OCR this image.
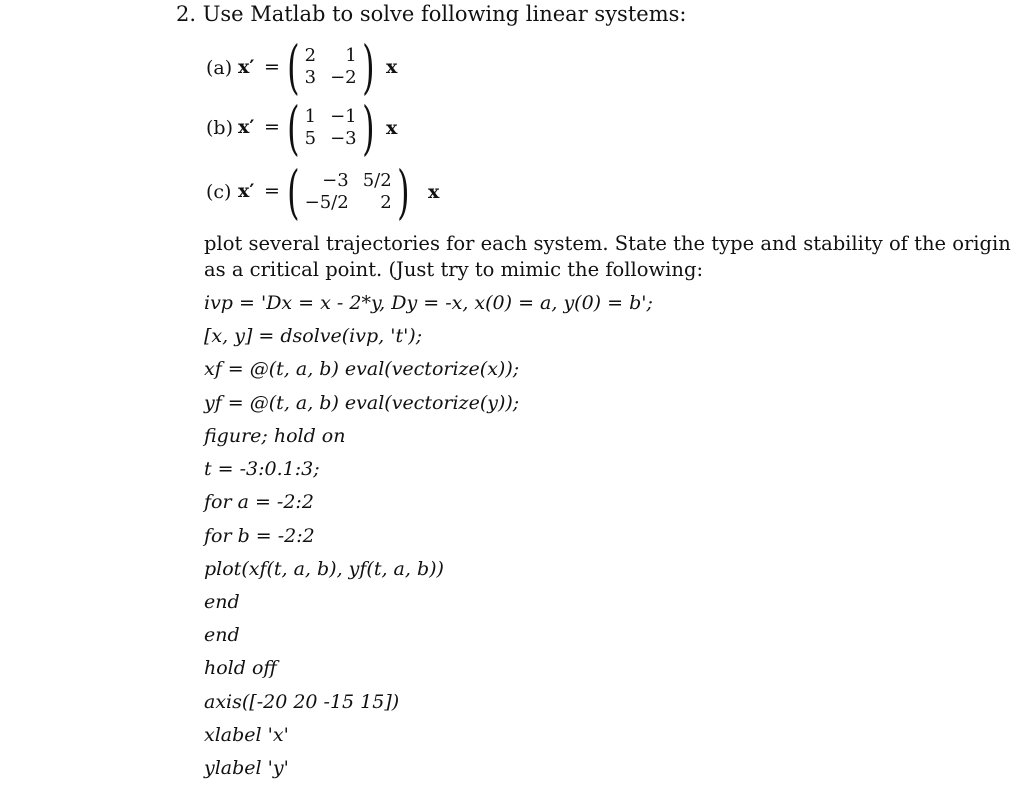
2. Use Matlab to solve following linear systems:
(a) x′ = ( 2	1
3 −2 ) x
(b) x′ = ( 1 −1
5 −3 ) x
(c) x′ = (	−3 5/2
−5/2	2 ) x
plot several trajectories for each system. State the type and stability of the origin
as a critical point. (Just try to mimic the following:
ivp = 'Dx = x - 2*y, Dy = -x, x(0) = a, y(0) = b';
[x, y] = dsolve(ivp, 't');
xf = @(t, a, b) eval(vectorize(x));
yf = @(t, a, b) eval(vectorize(y));
figure; hold on
t = -3:0.1:3;
for a = -2:2
for b = -2:2
plot(xf(t, a, b), yf(t, a, b))
end
end
hold off
axis([-20 20 -15 15])
xlabel 'x'
ylabel 'y'
